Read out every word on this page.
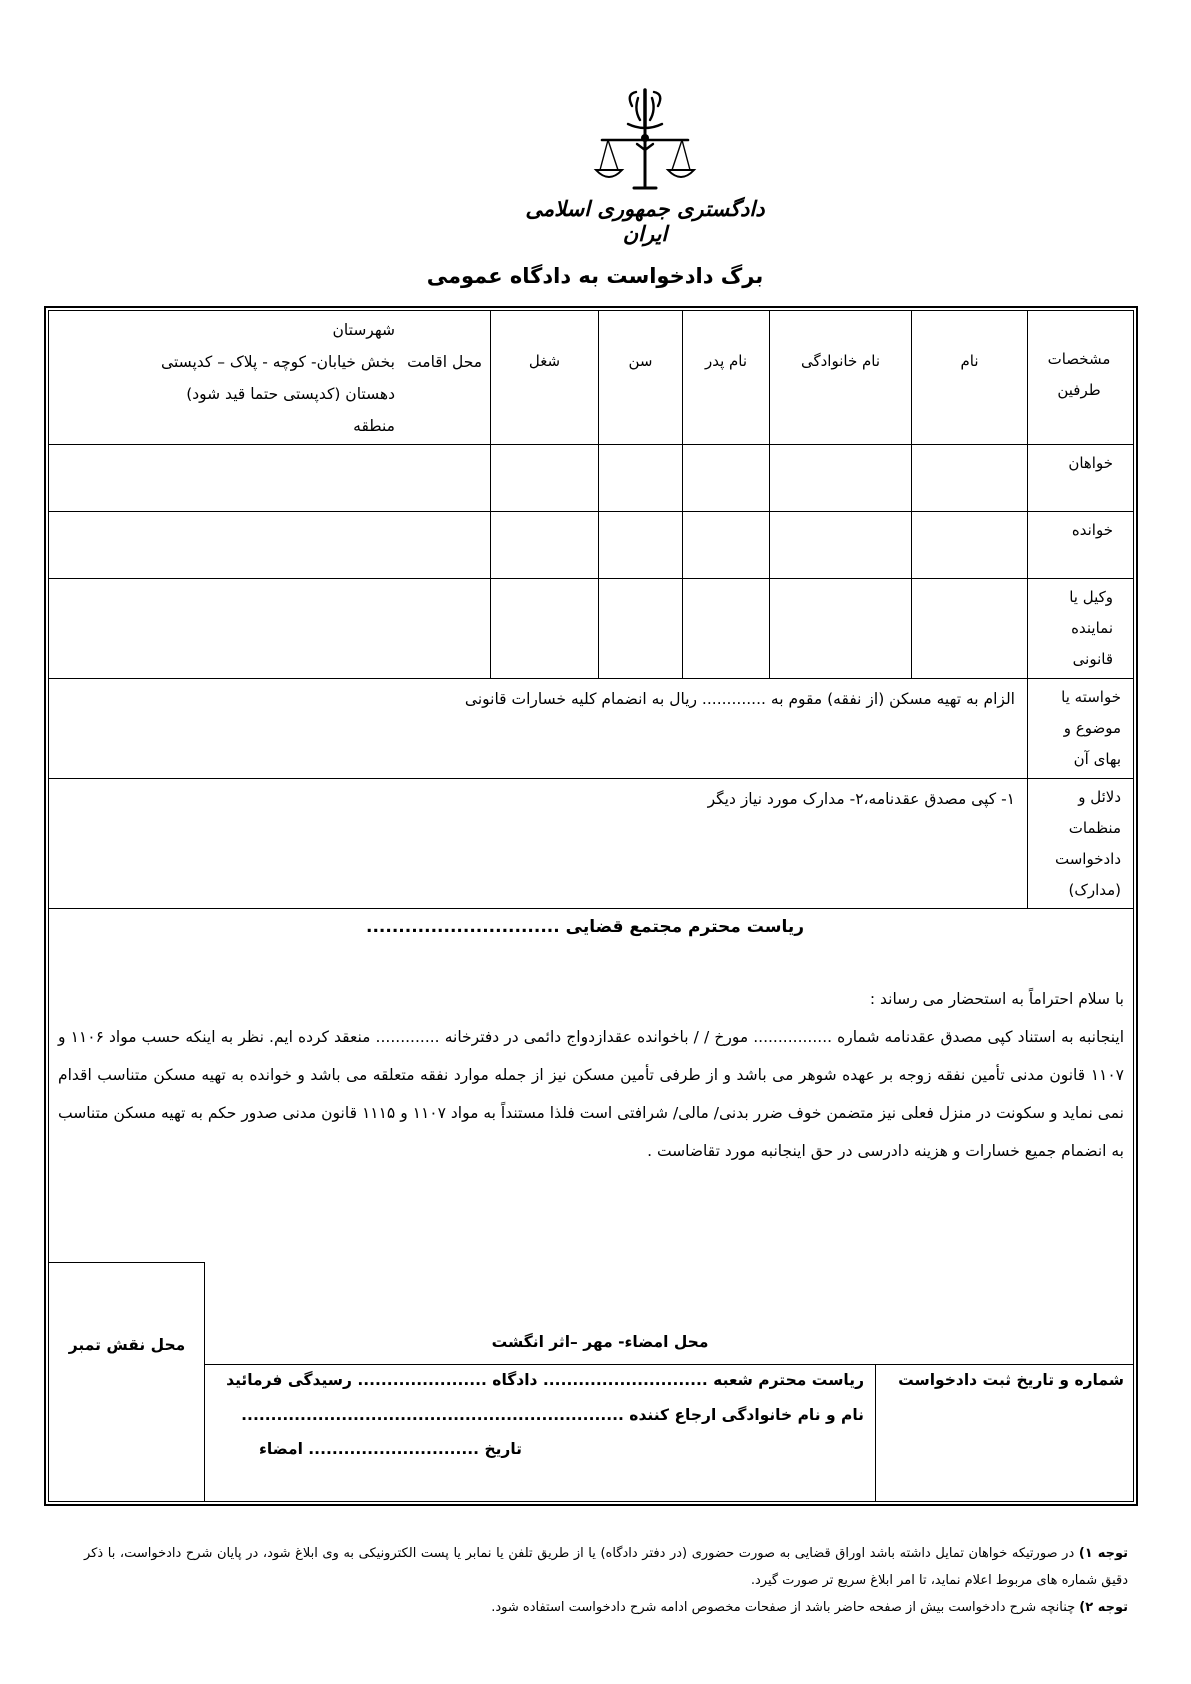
دادگستری جمهوری اسلامی ایران
برگ دادخواست به دادگاه عمومی
مشخصات طرفین
نام
نام خانوادگی
نام پدر
سن
شغل
محل اقامت
شهرستان
بخش خیابان- کوچه - پلاک – کدپستی
دهستان (کدپستی حتما قید شود)
منطقه
خواهان
خوانده
وکیل یا نماینده قانونی
خواسته یا موضوع و بهای آن
الزام به تهیه مسکن (از نفقه) مقوم به ............. ریال به انضمام کلیه خسارات قانونی
دلائل و منظمات دادخواست (مدارک)
۱- کپی مصدق عقدنامه،۲- مدارک مورد نیاز دیگر
ریاست محترم مجتمع قضایی ..............................

با سلام احتراماً به استحضار می رساند :

اینجانبه به استناد کپی مصدق عقدنامه شماره ................ مورخ / / باخوانده عقدازدواج دائمی در دفترخانه ............. منعقد کرده ایم. نظر به اینکه حسب مواد ۱۱۰۶ و ۱۱۰۷ قانون مدنی تأمین نفقه زوجه بر عهده شوهر می باشد و از طرفی تأمین مسکن نیز از جمله موارد نفقه متعلقه می باشد و خوانده به تهیه مسکن متناسب اقدام نمی نماید و سکونت در منزل فعلی نیز متضمن خوف ضرر بدنی/ مالی/ شرافتی است فلذا مستنداً به مواد ۱۱۰۷ و ۱۱۱۵ قانون مدنی صدور حکم به تهیه مسکن متناسب به انضمام جمیع خسارات و هزینه دادرسی در حق اینجانبه مورد تقاضاست .

محل نقش تمبر	محل امضاء- مهر –اثر انگشت
شماره و تاریخ ثبت دادخواست
ریاست محترم شعبه ............................ دادگاه ...................... رسیدگی فرمائید
نام و نام خانوادگی ارجاع کننده .................................................................
تاریخ ............................. امضاء

توجه ۱) در صورتیکه خواهان تمایل داشته باشد اوراق قضایی به صورت حضوری (در دفتر دادگاه) یا از طریق تلفن یا نمابر یا پست الکترونیکی به وی ابلاغ شود، در پایان شرح دادخواست، با ذکر دقیق شماره های مربوط اعلام نماید، تا امر ابلاغ سریع تر صورت گیرد.

توجه ۲) چنانچه شرح دادخواست بیش از صفحه حاضر باشد از صفحات مخصوص ادامه شرح دادخواست استفاده شود.
